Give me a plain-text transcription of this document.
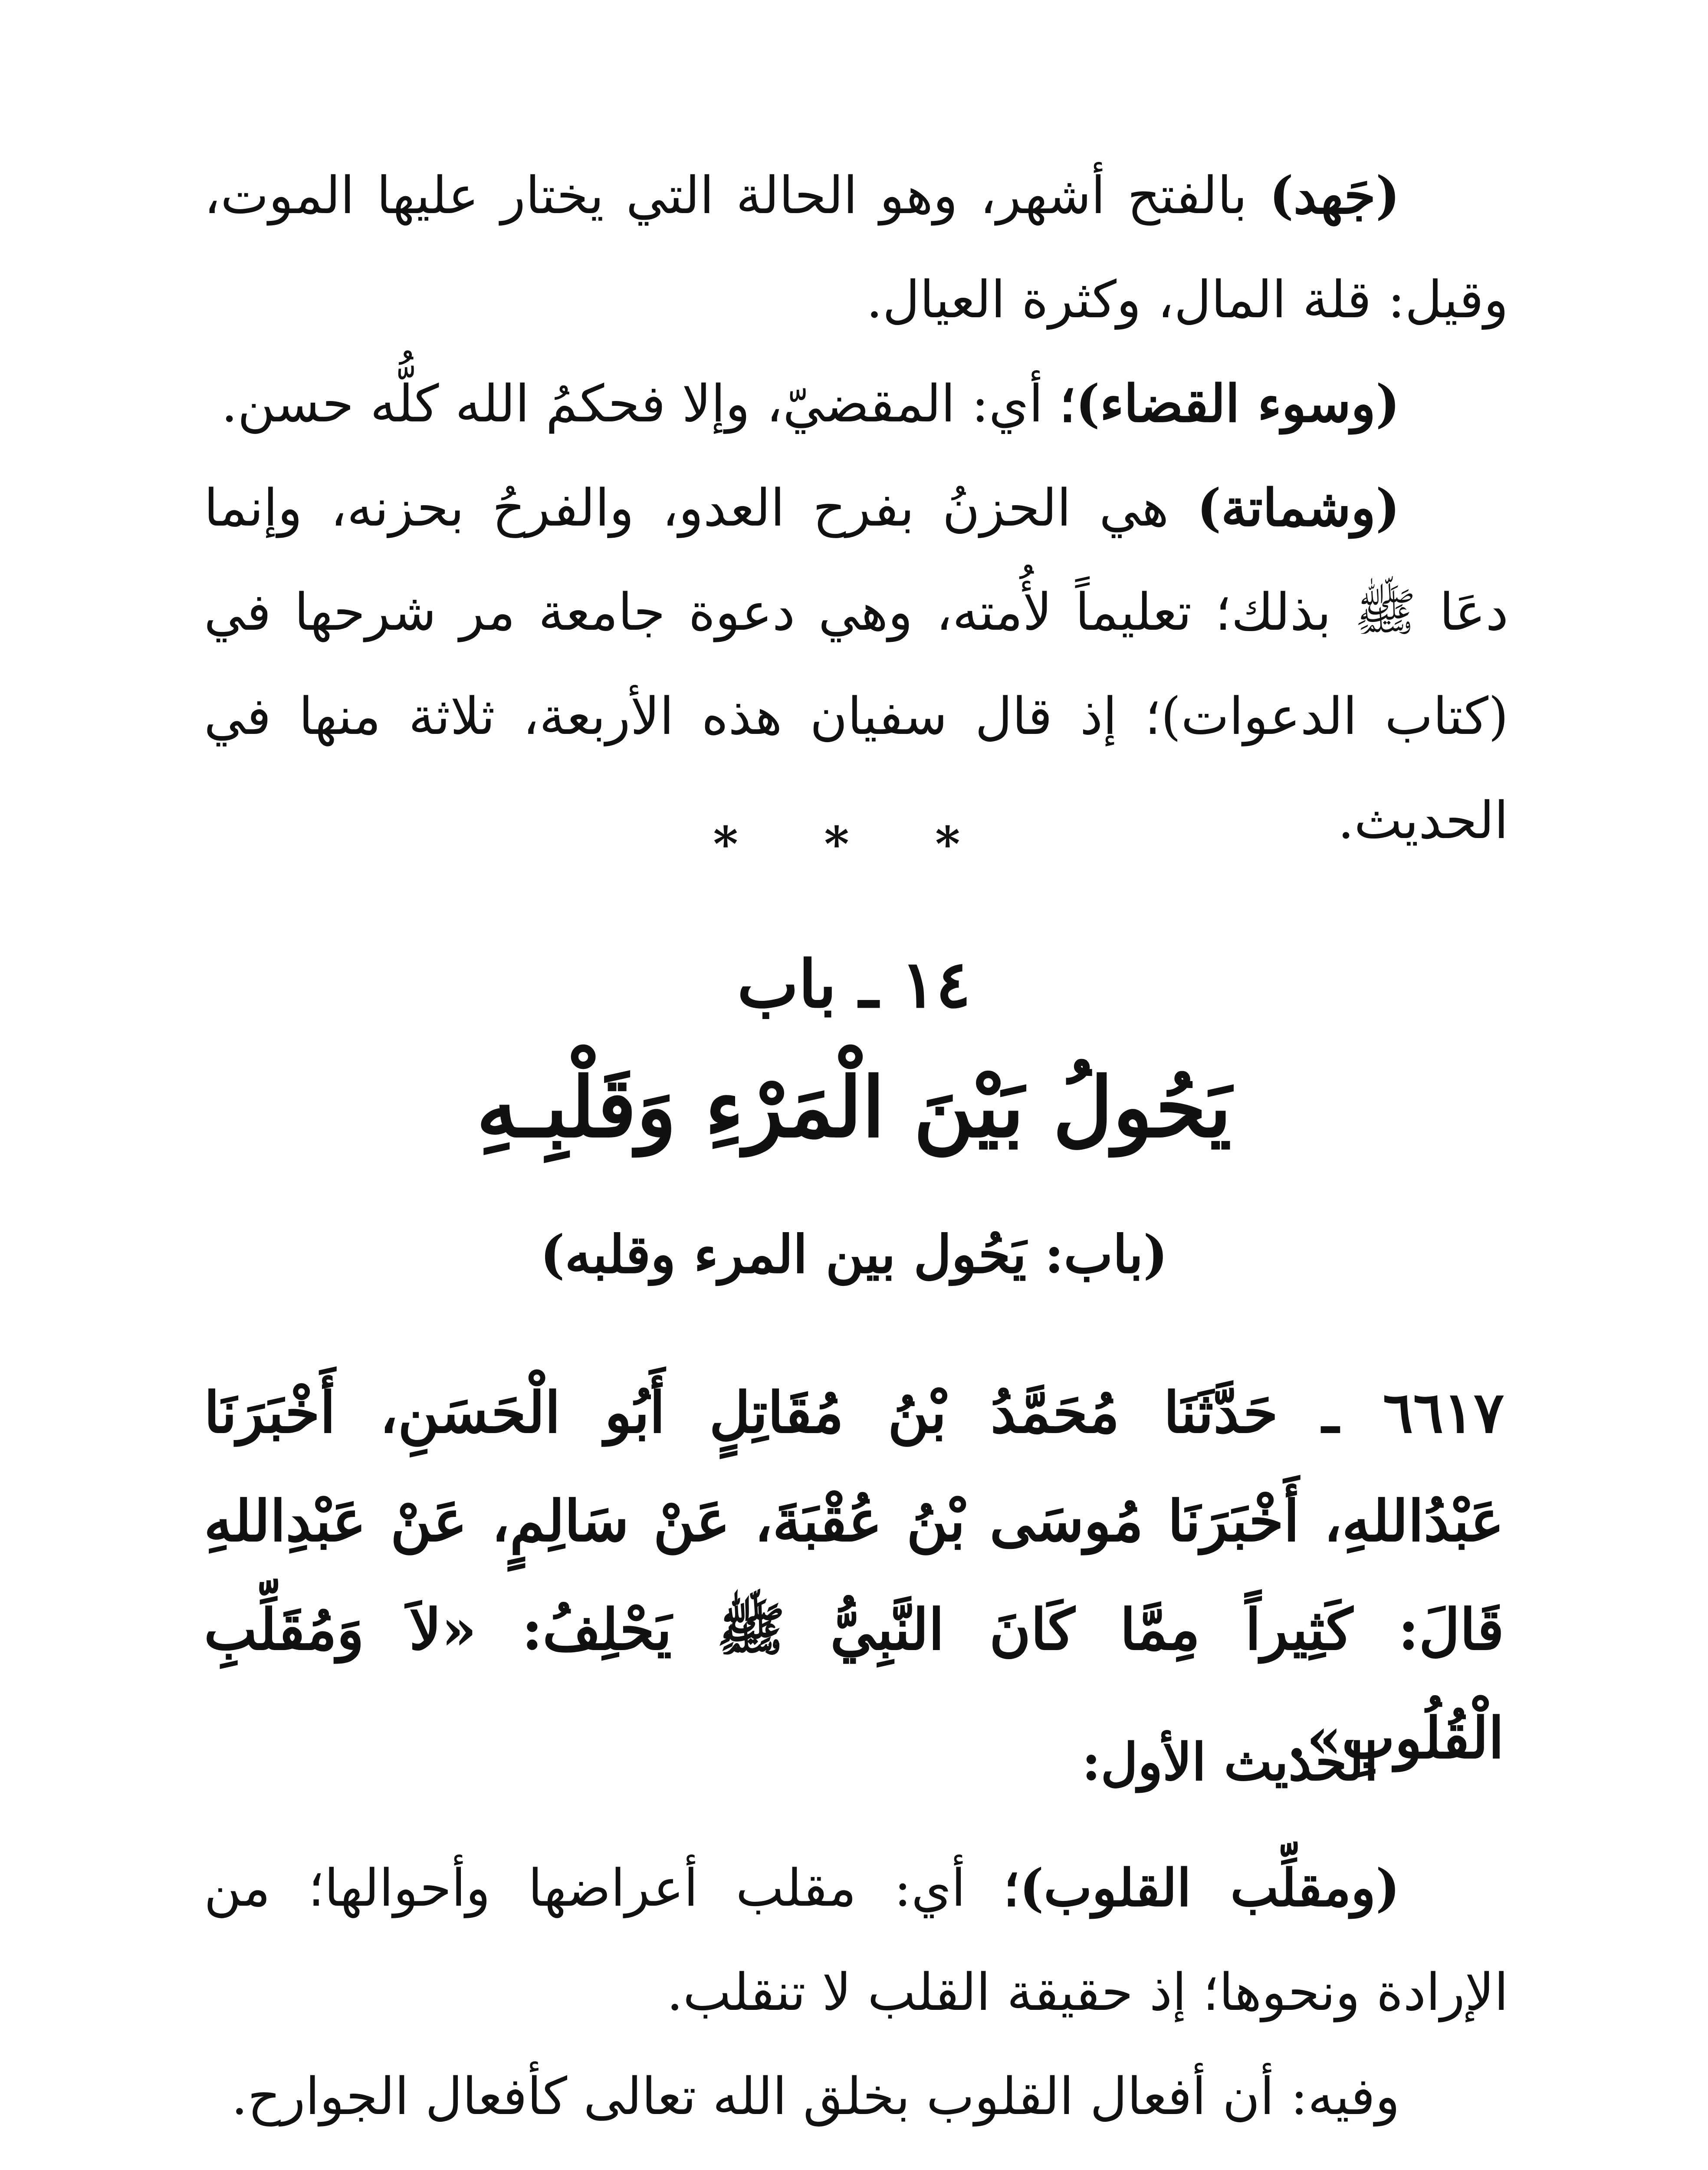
(جَهد) بالفتح أشهر، وهو الحالة التي يختار عليها الموت، وقيل: قلة المال، وكثرة العيال.

(وسوء القضاء)؛ أي: المقضيّ، وإلا فحكمُ الله كلُّه حسن.

(وشماتة) هي الحزنُ بفرح العدو، والفرحُ بحزنه، وإنما دعَا ﷺ بذلك؛ تعليماً لأُمته، وهي دعوة جامعة مر شرحها في (كتاب الدعوات)؛ إذ قال سفيان هذه الأربعة، ثلاثة منها في الحديث.

* * *
١٤ ـ باب
يَحُولُ بَيْنَ الْمَرْءِ وَقَلْبِـهِ
(باب: يَحُول بين المرء وقلبه)
٦٦١٧ ـ حَدَّثَنَا مُحَمَّدُ بْنُ مُقَاتِلٍ أَبُو الْحَسَنِ، أَخْبَرَنَا عَبْدُاللهِ، أَخْبَرَنَا مُوسَى بْنُ عُقْبَةَ، عَنْ سَالِمٍ، عَنْ عَبْدِاللهِ قَالَ: كَثِيراً مِمَّا كَانَ النَّبِيُّ ﷺ يَحْلِفُ: «لاَ وَمُقَلِّبِ الْقُلُوبِ».
الحديث الأول:

(ومقلِّب القلوب)؛ أي: مقلب أعراضها وأحوالها؛ من الإرادة ونحوها؛ إذ حقيقة القلب لا تنقلب.

وفيه: أن أفعال القلوب بخلق الله تعالى كأفعال الجوارح.
